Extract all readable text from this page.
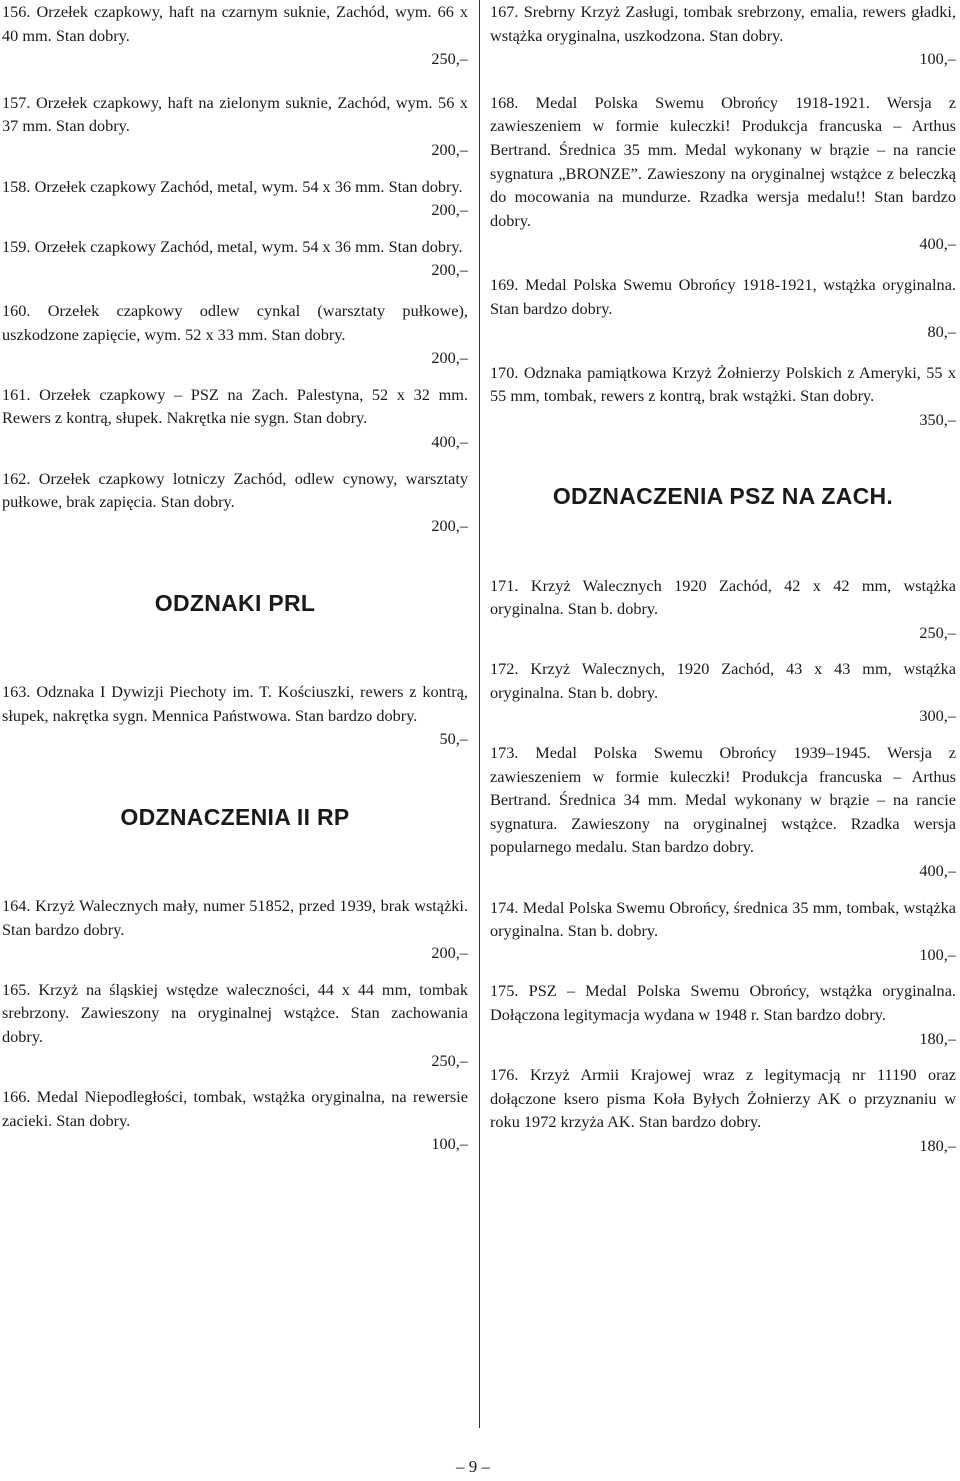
156. Orzełek czapkowy, haft na czarnym suknie, Zachód, wym. 66 x 40 mm. Stan dobry.

250,–

157. Orzełek czapkowy, haft na zielonym suknie, Zachód, wym. 56 x 37 mm. Stan dobry.

200,–

158. Orzełek czapkowy Zachód, metal, wym. 54 x 36 mm. Stan dobry.

200,–

159. Orzełek czapkowy Zachód, metal, wym. 54 x 36 mm. Stan dobry.

200,–

160. Orzełek czapkowy odlew cynkal (warsztaty pułkowe), uszkodzone zapięcie, wym. 52 x 33 mm. Stan dobry.

200,–

161. Orzełek czapkowy – PSZ na Zach. Palestyna, 52 x 32 mm. Rewers z kontrą, słupek. Nakrętka nie sygn. Stan dobry.

400,–

162. Orzełek czapkowy lotniczy Zachód, odlew cynowy, warsztaty pułkowe, brak zapięcia. Stan dobry.

200,–

ODZNAKI PRL

163. Odznaka I Dywizji Piechoty im. T. Kościuszki, rewers z kontrą, słupek, nakrętka sygn. Mennica Państwowa. Stan bardzo dobry.

50,–

ODZNACZENIA II RP

164. Krzyż Walecznych mały, numer 51852, przed 1939, brak wstążki. Stan bardzo dobry.

200,–

165. Krzyż na śląskiej wstędze waleczności, 44 x 44 mm, tombak srebrzony. Zawieszony na oryginalnej wstążce. Stan zachowania dobry.

250,–

166. Medal Niepodległości, tombak, wstążka oryginalna, na rewersie zacieki. Stan dobry.

100,–

167. Srebrny Krzyż Zasługi, tombak srebrzony, emalia, rewers gładki, wstążka oryginalna, uszkodzona. Stan dobry.

100,–

168. Medal Polska Swemu Obrońcy 1918-1921. Wersja z zawieszeniem w formie kuleczki! Produkcja francuska – Arthus Bertrand. Średnica 35 mm. Medal wykonany w brązie – na rancie sygnatura „BRONZE”. Zawieszony na oryginalnej wstążce z beleczką do mocowania na mundurze. Rzadka wersja medalu!! Stan bardzo dobry.

400,–

169. Medal Polska Swemu Obrońcy 1918-1921, wstążka oryginalna. Stan bardzo dobry.

80,–

170. Odznaka pamiątkowa Krzyż Żołnierzy Polskich z Ameryki, 55 x 55 mm, tombak, rewers z kontrą, brak wstążki. Stan dobry.

350,–

ODZNACZENIA PSZ NA ZACH.

171. Krzyż Walecznych 1920 Zachód, 42 x 42 mm, wstążka oryginalna. Stan b. dobry.

250,–

172. Krzyż Walecznych, 1920 Zachód, 43 x 43 mm, wstążka oryginalna. Stan b. dobry.

300,–

173. Medal Polska Swemu Obrońcy 1939–1945. Wersja z zawieszeniem w formie kuleczki! Produkcja francuska – Arthus Bertrand. Średnica 34 mm. Medal wykonany w brązie – na rancie sygnatura. Zawieszony na oryginalnej wstążce. Rzadka wersja popularnego medalu. Stan bardzo dobry.

400,–

174. Medal Polska Swemu Obrońcy, średnica 35 mm, tombak, wstążka oryginalna. Stan b. dobry.

100,–

175. PSZ – Medal Polska Swemu Obrońcy, wstążka oryginalna. Dołączona legitymacja wydana w 1948 r. Stan bardzo dobry.

180,–

176. Krzyż Armii Krajowej wraz z legitymacją nr 11190 oraz dołączone ksero pisma Koła Byłych Żołnierzy AK o przyznaniu w roku 1972 krzyża AK. Stan bardzo dobry.

180,–

– 9 –
